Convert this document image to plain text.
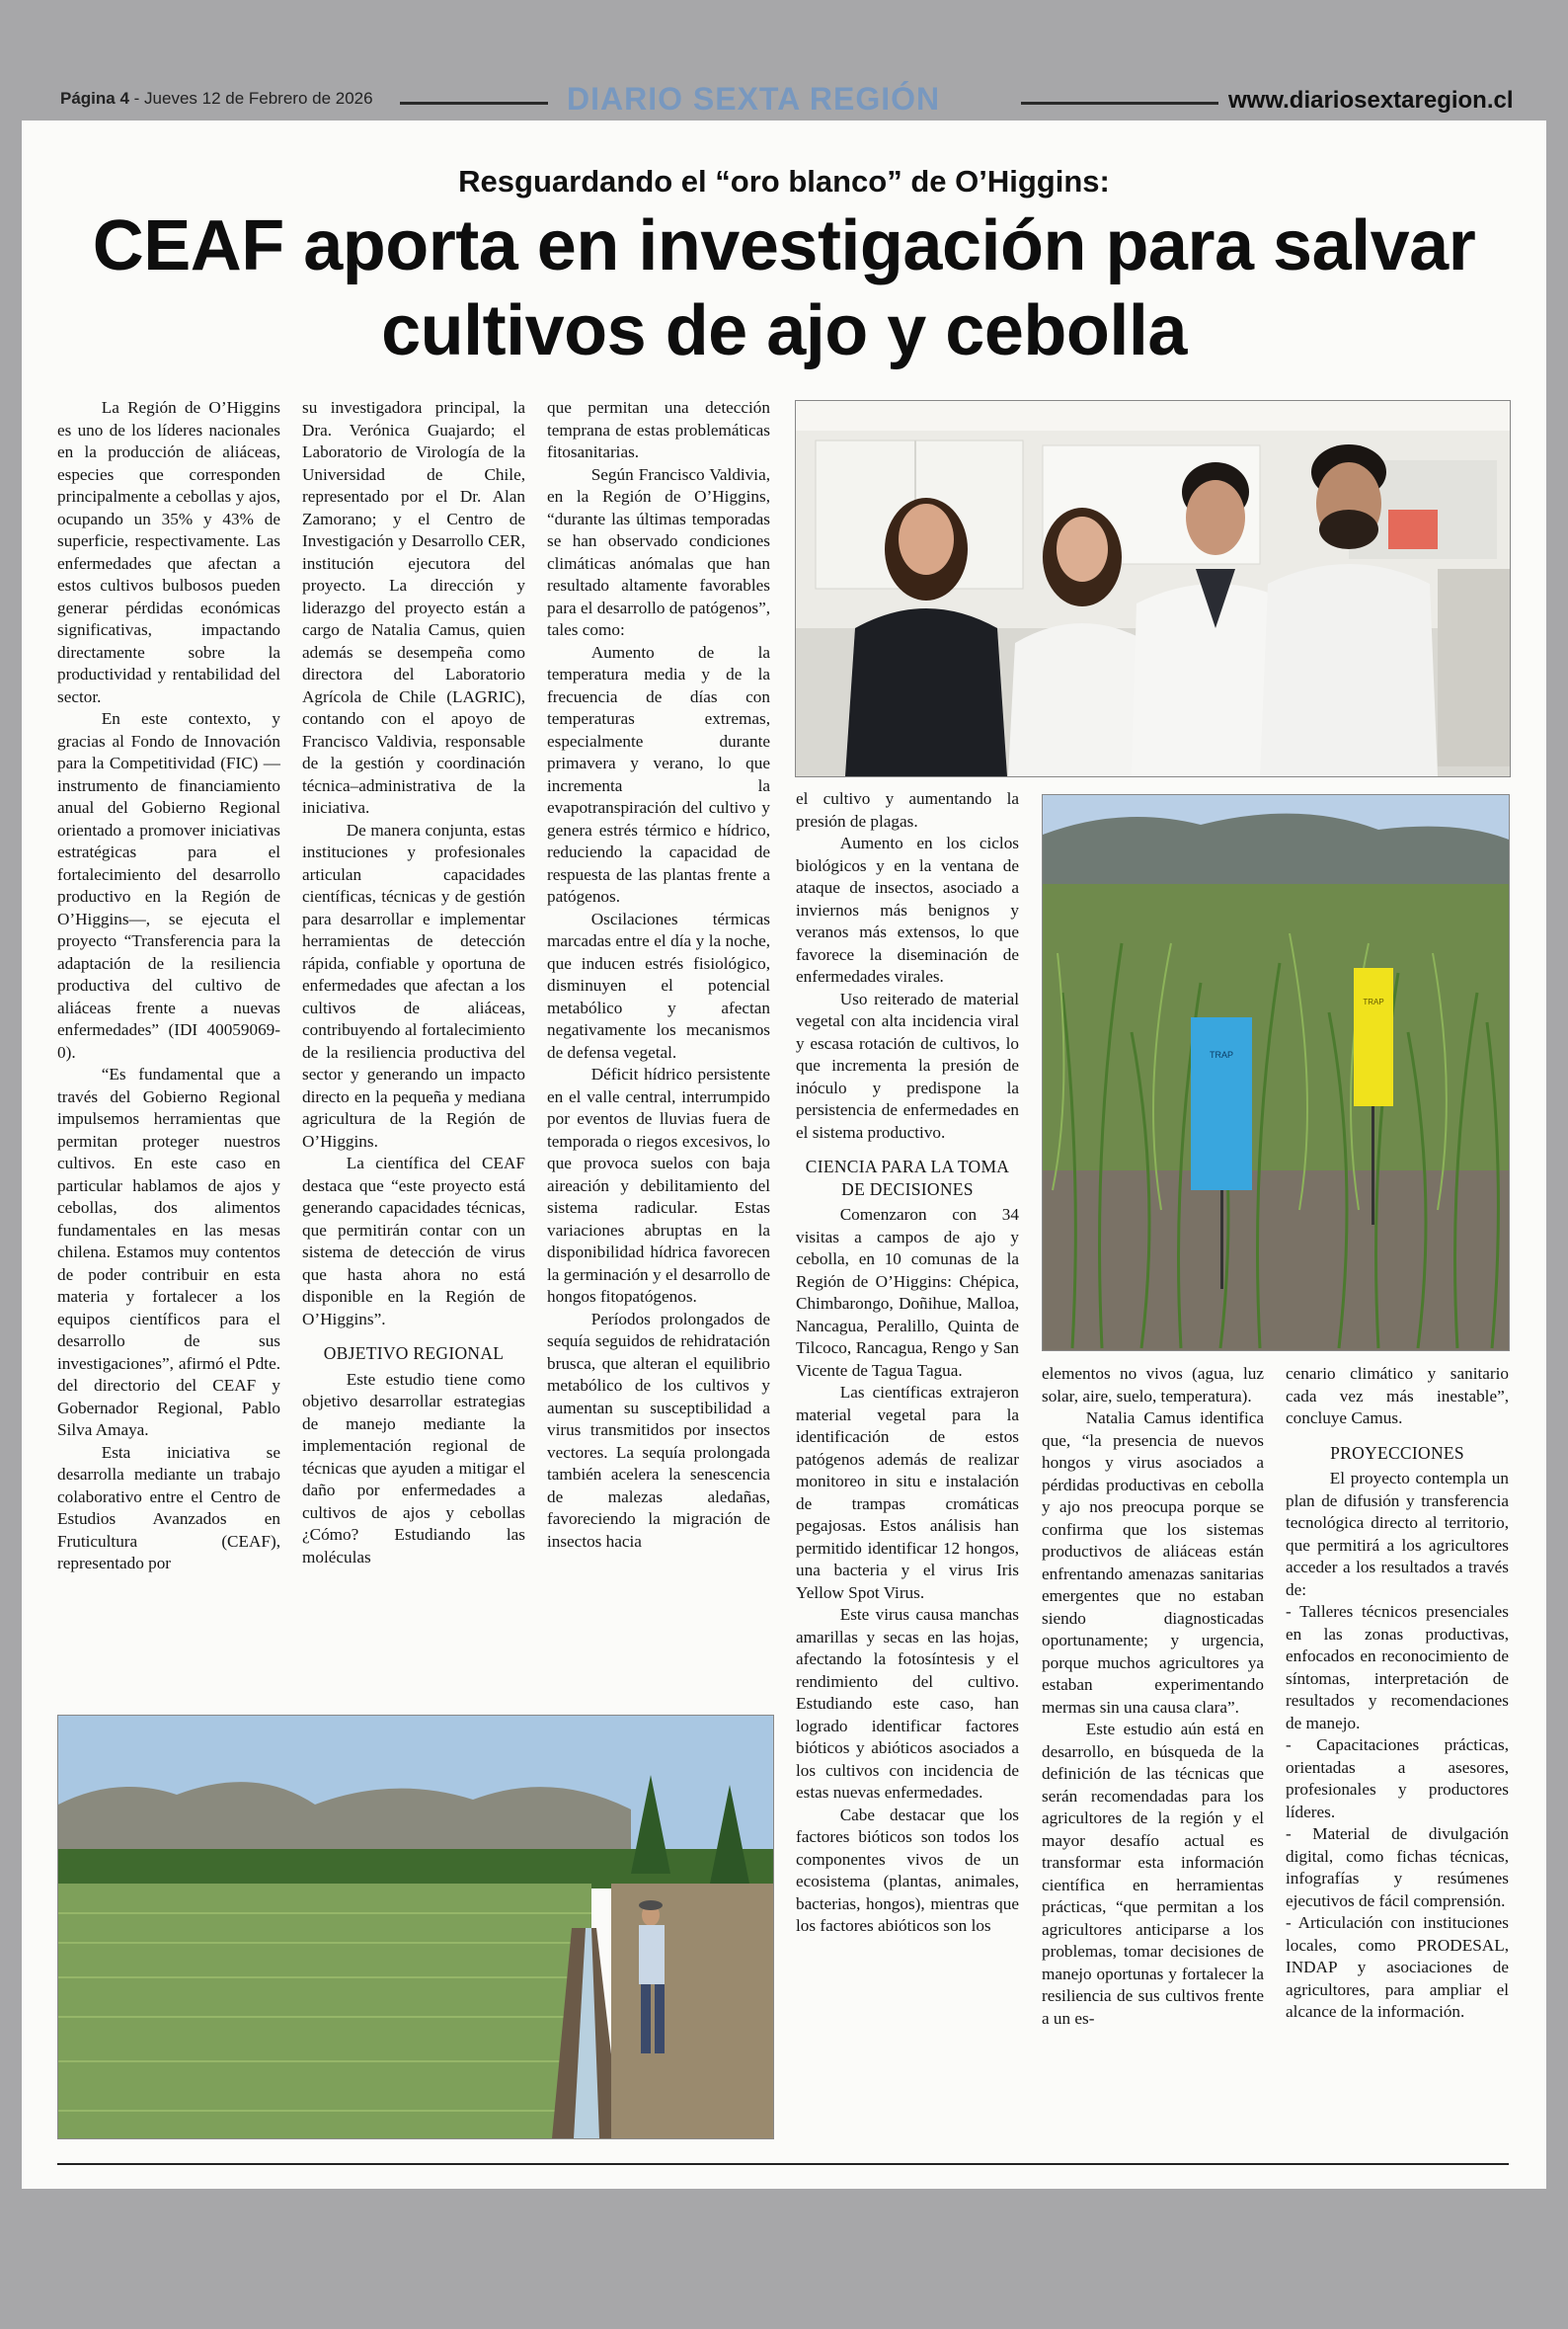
Página 4 - Jueves 12 de Febrero de 2026	DIARIO SEXTA REGIÓN	www.diariosextaregion.cl
Resguardando el “oro blanco” de O’Higgins:
CEAF aporta en investigación para salvar cultivos de ajo y cebolla

La Región de O’Higgins es uno de los líderes nacionales en la producción de aliáceas, especies que corresponden principalmente a cebollas y ajos, ocupando un 35% y 43% de superficie, respectivamente. Las enfermedades que afectan a estos cultivos bulbosos pueden generar pérdidas económicas significativas, impactando directamente sobre la productividad y rentabilidad del sector.

En este contexto, y gracias al Fondo de Innovación para la Competitividad (FIC) —instrumento de financiamiento anual del Gobierno Regional orientado a promover iniciativas estratégicas para el fortalecimiento del desarrollo productivo en la Región de O’Higgins—, se ejecuta el proyecto “Transferencia para la adaptación de la resiliencia productiva del cultivo de aliáceas frente a nuevas enfermedades” (IDI 40059069-0).

“Es fundamental que a través del Gobierno Regional impulsemos herramientas que permitan proteger nuestros cultivos. En este caso en particular hablamos de ajos y cebollas, dos alimentos fundamentales en las mesas chilena. Estamos muy contentos de poder contribuir en esta materia y fortalecer a los equipos científicos para el desarrollo de sus investigaciones”, afirmó el Pdte. del directorio del CEAF y Gobernador Regional, Pablo Silva Amaya.

Esta iniciativa se desarrolla mediante un trabajo colaborativo entre el Centro de Estudios Avanzados en Fruticultura (CEAF), representado por

su investigadora principal, la Dra. Verónica Guajardo; el Laboratorio de Virología de la Universidad de Chile, representado por el Dr. Alan Zamorano; y el Centro de Investigación y Desarrollo CER, institución ejecutora del proyecto. La dirección y liderazgo del proyecto están a cargo de Natalia Camus, quien además se desempeña como directora del Laboratorio Agrícola de Chile (LAGRIC), contando con el apoyo de Francisco Valdivia, responsable de la gestión y coordinación técnica–administrativa de la iniciativa.

De manera conjunta, estas instituciones y profesionales articulan capacidades científicas, técnicas y de gestión para desarrollar e implementar herramientas de detección rápida, confiable y oportuna de enfermedades que afectan a los cultivos de aliáceas, contribuyendo al fortalecimiento de la resiliencia productiva del sector y generando un impacto directo en la pequeña y mediana agricultura de la Región de O’Higgins.

La científica del CEAF destaca que “este proyecto está generando capacidades técnicas, que permitirán contar con un sistema de detección de virus que hasta ahora no está disponible en la Región de O’Higgins”.

OBJETIVO REGIONAL

Este estudio tiene como objetivo desarrollar estrategias de manejo mediante la implementación regional de técnicas que ayuden a mitigar el daño por enfermedades a cultivos de ajos y cebollas ¿Cómo? Estudiando las moléculas

que permitan una detección temprana de estas problemáticas fitosanitarias.

Según Francisco Valdivia, en la Región de O’Higgins, “durante las últimas temporadas se han observado condiciones climáticas anómalas que han resultado altamente favorables para el desarrollo de patógenos”, tales como:

Aumento de la temperatura media y de la frecuencia de días con temperaturas extremas, especialmente durante primavera y verano, lo que incrementa la evapotranspiración del cultivo y genera estrés térmico e hídrico, reduciendo la capacidad de respuesta de las plantas frente a patógenos.

Oscilaciones térmicas marcadas entre el día y la noche, que inducen estrés fisiológico, disminuyen el potencial metabólico y afectan negativamente los mecanismos de defensa vegetal.

Déficit hídrico persistente en el valle central, interrumpido por eventos de lluvias fuera de temporada o riegos excesivos, lo que provoca suelos con baja aireación y debilitamiento del sistema radicular. Estas variaciones abruptas en la disponibilidad hídrica favorecen la germinación y el desarrollo de hongos fitopatógenos.

Períodos prolongados de sequía seguidos de rehidratación brusca, que alteran el equilibrio metabólico de los cultivos y aumentan su susceptibilidad a virus transmitidos por insectos vectores. La sequía prolongada también acelera la senescencia de malezas aledañas, favoreciendo la migración de insectos hacia

el cultivo y aumentando la presión de plagas.

Aumento en los ciclos biológicos y en la ventana de ataque de insectos, asociado a inviernos más benignos y veranos más extensos, lo que favorece la diseminación de enfermedades virales.

Uso reiterado de material vegetal con alta incidencia viral y escasa rotación de cultivos, lo que incrementa la presión de inóculo y predispone la persistencia de enfermedades en el sistema productivo.

CIENCIA PARA LA TOMA DE DECISIONES

Comenzaron con 34 visitas a campos de ajo y cebolla, en 10 comunas de la Región de O’Higgins: Chépica, Chimbarongo, Doñihue, Malloa, Nancagua, Peralillo, Quinta de Tilcoco, Rancagua, Rengo y San Vicente de Tagua Tagua.

Las científicas extrajeron material vegetal para la identificación de estos patógenos además de realizar monitoreo in situ e instalación de trampas cromáticas pegajosas. Estos análisis han permitido identificar 12 hongos, una bacteria y el virus Iris Yellow Spot Virus.

Este virus causa manchas amarillas y secas en las hojas, afectando la fotosíntesis y el rendimiento del cultivo. Estudiando este caso, han logrado identificar factores bióticos y abióticos asociados a los cultivos con incidencia de estas nuevas enfermedades.

Cabe destacar que los factores bióticos son todos los componentes vivos de un ecosistema (plantas, animales, bacterias, hongos), mientras que los factores abióticos son los

TRAP
TRAP

elementos no vivos (agua, luz solar, aire, suelo, temperatura).

Natalia Camus identifica que, “la presencia de nuevos hongos y virus asociados a pérdidas productivas en cebolla y ajo nos preocupa porque se confirma que los sistemas productivos de aliáceas están enfrentando amenazas sanitarias emergentes que no estaban siendo diagnosticadas oportunamente; y urgencia, porque muchos agricultores ya estaban experimentando mermas sin una causa clara”.

Este estudio aún está en desarrollo, en búsqueda de la definición de las técnicas que serán recomendadas para los agricultores de la región y el mayor desafío actual es transformar esta información científica en herramientas prácticas, “que permitan a los agricultores anticiparse a los problemas, tomar decisiones de manejo oportunas y fortalecer la resiliencia de sus cultivos frente a un es-

cenario climático y sanitario cada vez más inestable”, concluye Camus.

PROYECCIONES

El proyecto contempla un plan de difusión y transferencia tecnológica directo al territorio, que permitirá a los agricultores acceder a los resultados a través de:

- Talleres técnicos presenciales en las zonas productivas, enfocados en reconocimiento de síntomas, interpretación de resultados y recomendaciones de manejo.
- Capacitaciones prácticas, orientadas a asesores, profesionales y productores líderes.
- Material de divulgación digital, como fichas técnicas, infografías y resúmenes ejecutivos de fácil comprensión.
- Articulación con instituciones locales, como PRODESAL, INDAP y asociaciones de agricultores, para ampliar el alcance de la información.
